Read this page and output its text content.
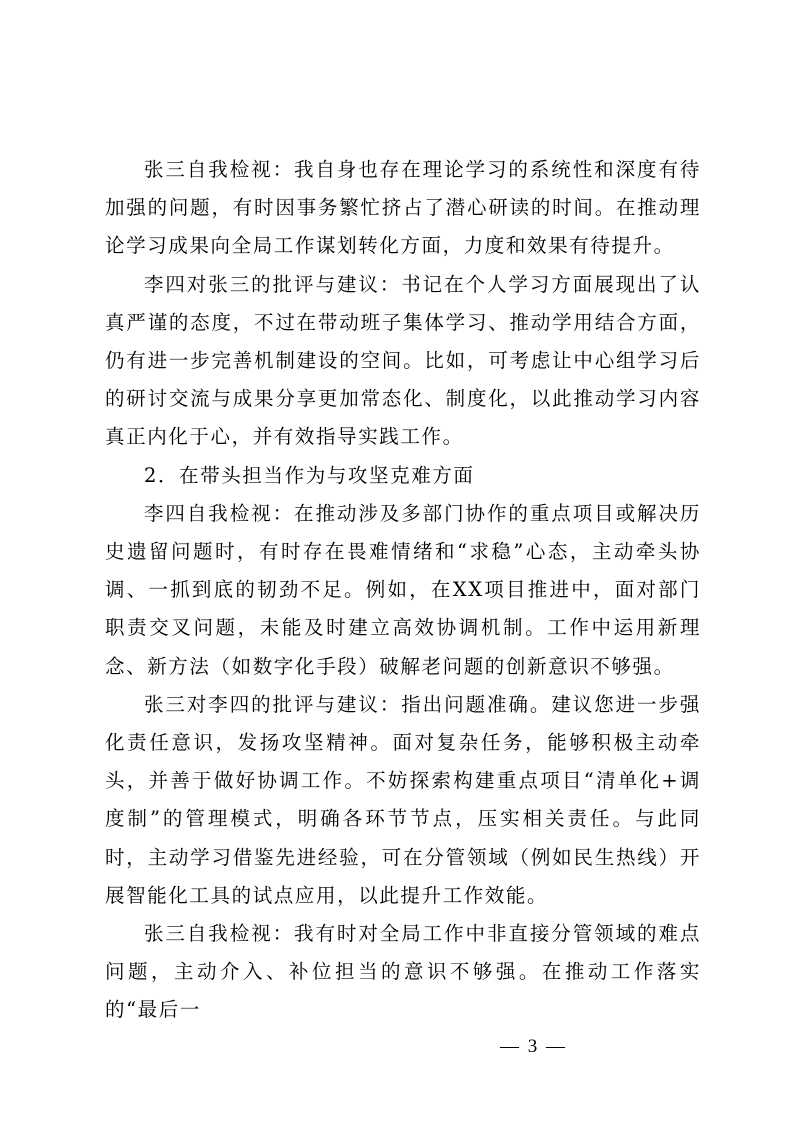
张三自我检视：我自身也存在理论学习的系统性和深度有待加强的问题，有时因事务繁忙挤占了潜心研读的时间。在推动理论学习成果向全局工作谋划转化方面，力度和效果有待提升。

李四对张三的批评与建议：书记在个人学习方面展现出了认真严谨的态度，不过在带动班子集体学习、推动学用结合方面，仍有进一步完善机制建设的空间。比如，可考虑让中心组学习后的研讨交流与成果分享更加常态化、制度化，以此推动学习内容真正内化于心，并有效指导实践工作。

2．在带头担当作为与攻坚克难方面

李四自我检视：在推动涉及多部门协作的重点项目或解决历史遗留问题时，有时存在畏难情绪和“求稳”心态，主动牵头协调、一抓到底的韧劲不足。例如，在XX项目推进中，面对部门职责交叉问题，未能及时建立高效协调机制。工作中运用新理念、新方法（如数字化手段）破解老问题的创新意识不够强。

张三对李四的批评与建议：指出问题准确。建议您进一步强化责任意识，发扬攻坚精神。面对复杂任务，能够积极主动牵头，并善于做好协调工作。不妨探索构建重点项目“清单化+调度制”的管理模式，明确各环节节点，压实相关责任。与此同时，主动学习借鉴先进经验，可在分管领域（例如民生热线）开展智能化工具的试点应用，以此提升工作效能。

张三自我检视：我有时对全局工作中非直接分管领域的难点问题，主动介入、补位担当的意识不够强。在推动工作落实的“最后一

— 3 —
